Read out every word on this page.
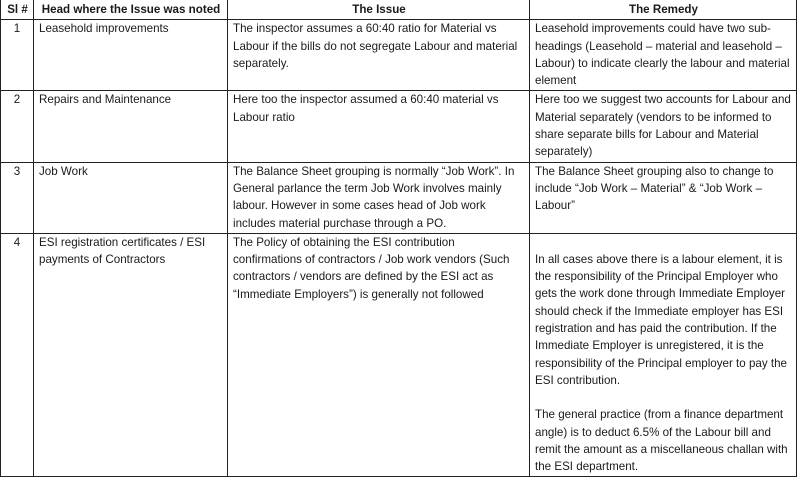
Sl #	Head where the Issue was noted	The Issue	The Remedy
1	Leasehold improvements	The inspector assumes a 60:40 ratio for Material vs Labour if the bills do not segregate Labour and material separately.	Leasehold improvements could have two sub-headings (Leasehold – material and leasehold – Labour) to indicate clearly the labour and material element
2	Repairs and Maintenance	Here too the inspector assumed a 60:40 material vs Labour ratio	Here too we suggest two accounts for Labour and Material separately (vendors to be informed to share separate bills for Labour and Material separately)
3	Job Work	The Balance Sheet grouping is normally “Job Work”. In General parlance the term Job Work involves mainly labour. However in some cases head of Job work includes material purchase through a PO.	The Balance Sheet grouping also to change to include “Job Work – Material” & “Job Work – Labour”
4	ESI registration certificates / ESI payments of Contractors	The Policy of obtaining the ESI contribution confirmations of contractors / Job work vendors (Such contractors / vendors are defined by the ESI act as “Immediate Employers”) is generally not followed	In all cases above there is a labour element, it is the responsibility of the Principal Employer who gets the work done through Immediate Employer should check if the Immediate employer has ESI registration and has paid the contribution. If the Immediate Employer is unregistered, it is the responsibility of the Principal employer to pay the ESI contribution.
The general practice (from a finance department angle) is to deduct 6.5% of the Labour bill and remit the amount as a miscellaneous challan with the ESI department.
